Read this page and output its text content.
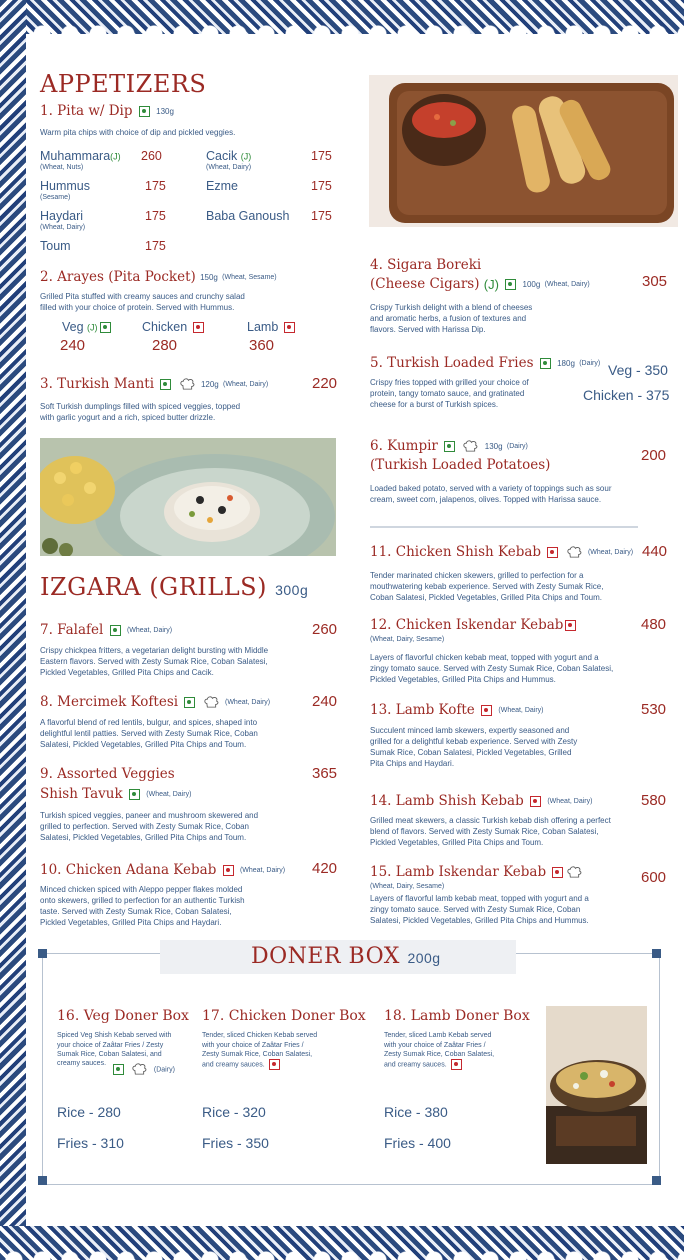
APPETIZERS
1. Pita w/ Dip	130g
Warm pita chips with choice of dip and pickled veggies.
Muhammara(J)
(Wheat, Nuts)
260	Cacik (J)
(Wheat, Dairy)
175
Hummus
(Sesame)
175	Ezme	175
Haydari
(Wheat, Dairy)
175	Baba Ganoush 175
Toum	175
2. Arayes (Pita Pocket) 150g (Wheat, Sesame)
Grilled Pita stuffed with creamy sauces and crunchy salad
filled with your choice of protein. Served with Hummus.
Veg (J)
240
Chicken
280
Lamb
360
3. Turkish Manti	120g (Wheat, Dairy)	220
Soft Turkish dumplings filled with spiced veggies, topped
with garlic yogurt and a rich, spiced butter drizzle.
4. Sigara Boreki
(Cheese Cigars) (J)	100g (Wheat, Dairy)	305
Crispy Turkish delight with a blend of cheeses
and aromatic herbs, a fusion of textures and
flavors. Served with Harissa Dip.
5. Turkish Loaded Fries	180g (Dairy) Veg - 350
Chicken - 375
Crispy fries topped with grilled your choice of
protein, tangy tomato sauce, and gratinated
cheese for a burst of Turkish spices.
6. Kumpir	130g (Dairy)
(Turkish Loaded Potatoes)
200
Loaded baked potato, served with a variety of toppings such as sour
cream, sweet corn, jalapenos, olives. Topped with Harissa sauce.
IZGARA (GRILLS) 300g
7. Falafel	(Wheat, Dairy)	260
Crispy chickpea fritters, a vegetarian delight bursting with Middle
Eastern flavors. Served with Zesty Sumak Rice, Coban Salatesi,
Pickled Vegetables, Grilled Pita Chips and Cacik.
8. Mercimek Koftesi	(Wheat, Dairy)	240
A flavorful blend of red lentils, bulgur, and spices, shaped into
delightful lentil patties. Served with Zesty Sumak Rice, Coban
Salatesi, Pickled Vegetables, Grilled Pita Chips and Toum.
9. Assorted Veggies
Shish Tavuk	(Wheat, Dairy)
365
Turkish spiced veggies, paneer and mushroom skewered and
grilled to perfection. Served with Zesty Sumak Rice, Coban
Salatesi, Pickled Vegetables, Grilled Pita Chips and Toum.
10. Chicken Adana Kebab	(Wheat, Dairy) 420
Minced chicken spiced with Aleppo pepper flakes molded
onto skewers, grilled to perfection for an authentic Turkish
taste. Served with Zesty Sumak Rice, Coban Salatesi,
Pickled Vegetables, Grilled Pita Chips and Haydari.
11. Chicken Shish Kebab	(Wheat, Dairy) 440
Tender marinated chicken skewers, grilled to perfection for a
mouthwatering kebab experience. Served with Zesty Sumak Rice,
Coban Salatesi, Pickled Vegetables, Grilled Pita Chips and Toum.
12. Chicken Iskendar Kebab
(Wheat, Dairy, Sesame)
480
Layers of flavorful chicken kebab meat, topped with yogurt and a
zingy tomato sauce. Served with Zesty Sumak Rice, Coban Salatesi,
Pickled Vegetables, Grilled Pita Chips and Hummus.
13. Lamb Kofte	(Wheat, Dairy)	530
Succulent minced lamb skewers, expertly seasoned and
grilled for a delightful kebab experience. Served with Zesty
Sumak Rice, Coban Salatesi, Pickled Vegetables, Grilled
Pita Chips and Haydari.
14. Lamb Shish Kebab	(Wheat, Dairy)	580
Grilled meat skewers, a classic Turkish kebab dish offering a perfect
blend of flavors. Served with Zesty Sumak Rice, Coban Salatesi,
Pickled Vegetables, Grilled Pita Chips and Toum.
15. Lamb Iskendar Kebab
(Wheat, Dairy, Sesame)
600
Layers of flavorful lamb kebab meat, topped with yogurt and a
zingy tomato sauce. Served with Zesty Sumak Rice, Coban
Salatesi, Pickled Vegetables, Grilled Pita Chips and Hummus.
DONER BOX 200g
16. Veg Doner Box
Spiced Veg Shish Kebab served with
your choice of Zaâtar Fries / Zesty
Sumak Rice, Coban Salatesi, and
creamy sauces.
(Dairy)
Rice - 280
Fries - 310
17. Chicken Doner Box
Tender, sliced Chicken Kebab served
with your choice of Zaâtar Fries /
Zesty Sumak Rice, Coban Salatesi,
and creamy sauces.
Rice - 320
Fries - 350
18. Lamb Doner Box
Tender, sliced Lamb Kebab served
with your choice of Zaâtar Fries /
Zesty Sumak Rice, Coban Salatesi,
and creamy sauces.
Rice - 380
Fries - 400
